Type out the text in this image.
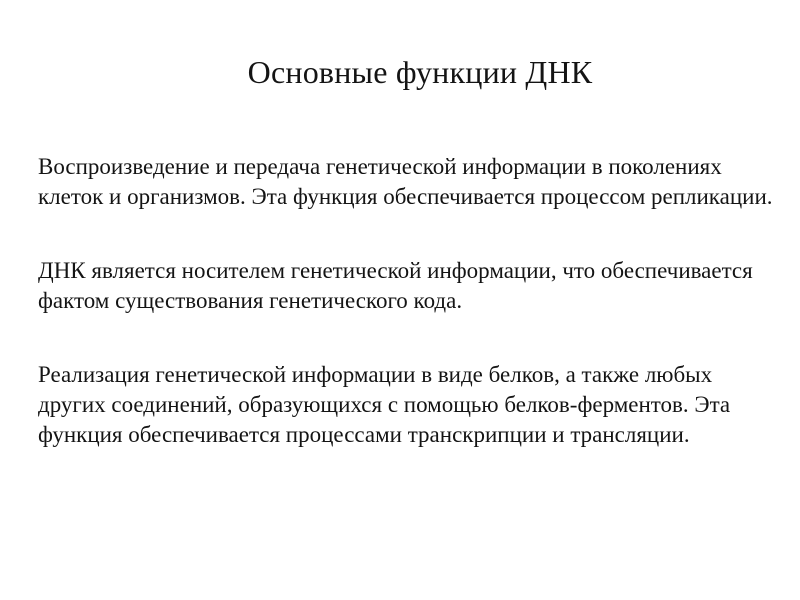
Основные функции ДНК

Воспроизведение и передача генетической информации в поколениях клеток и организмов. Эта функция обеспечивается процессом репликации.

ДНК является носителем генетической информации, что обеспечивается фактом существования генетического кода.

Реализация генетической информации в виде белков, а также любых других соединений, образующихся с помощью белков-ферментов. Эта функция обеспечивается процессами транскрипции и трансляции.
